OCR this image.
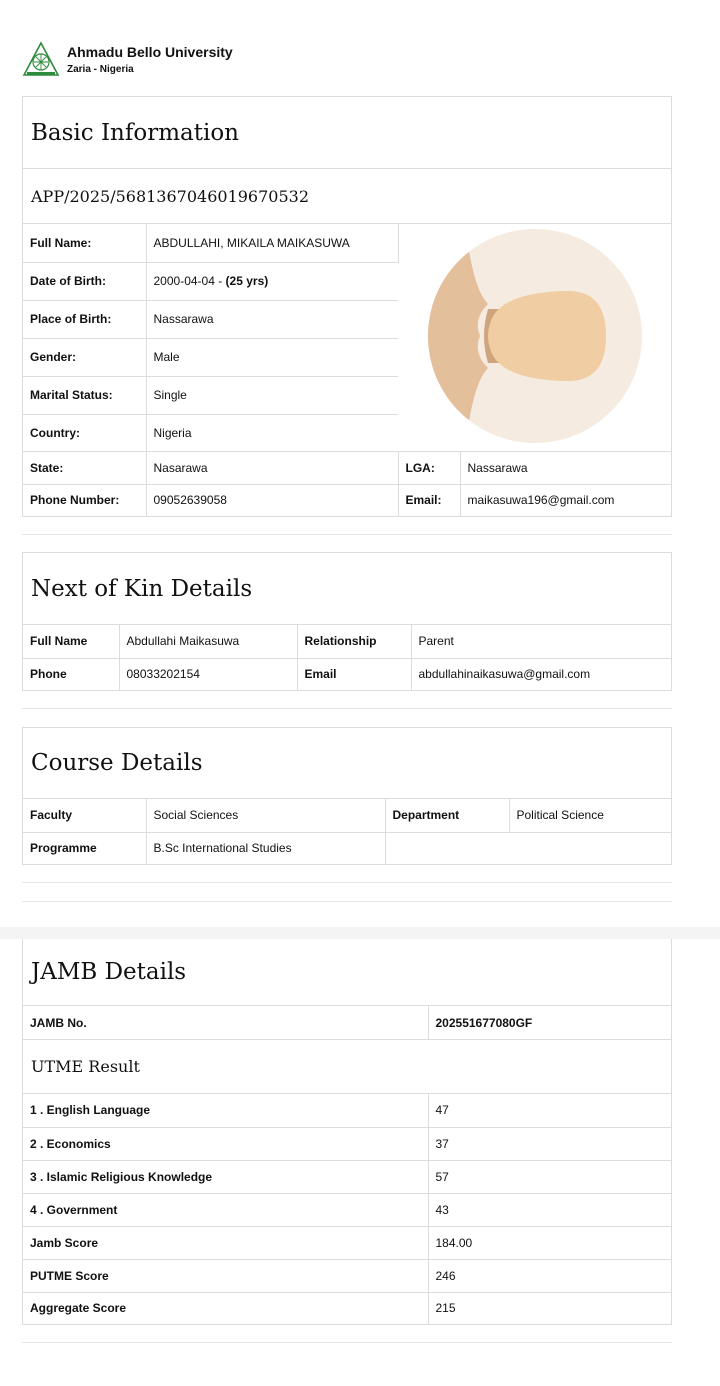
Ahmadu Bello University
Zaria - Nigeria
Basic Information
APP/2025/5681367046019670532
Full Name:	ABDULLAHI, MIKAILA MAIKASUWA	
Date of Birth:	2000-04-04 - (25 yrs)		
Place of Birth:	Nassarawa		
Gender:	Male		
Marital Status:	Single		
Country:	Nigeria		
State:	Nasarawa	LGA:	Nassarawa
Phone Number:	09052639058	Email:	maikasuwa196@gmail.com
Next of Kin Details
Full Name	Abdullahi Maikasuwa	Relationship	Parent
Phone	08033202154	Email	abdullahinaikasuwa@gmail.com
Course Details
Faculty	Social Sciences	Department	Political Science
Programme	B.Sc International Studies		
JAMB Details
JAMB No.	202551677080GF
UTME Result
1 . English Language	47
2 . Economics	37
3 . Islamic Religious Knowledge	57
4 . Government	43
Jamb Score	184.00
PUTME Score	246
Aggregate Score	215
